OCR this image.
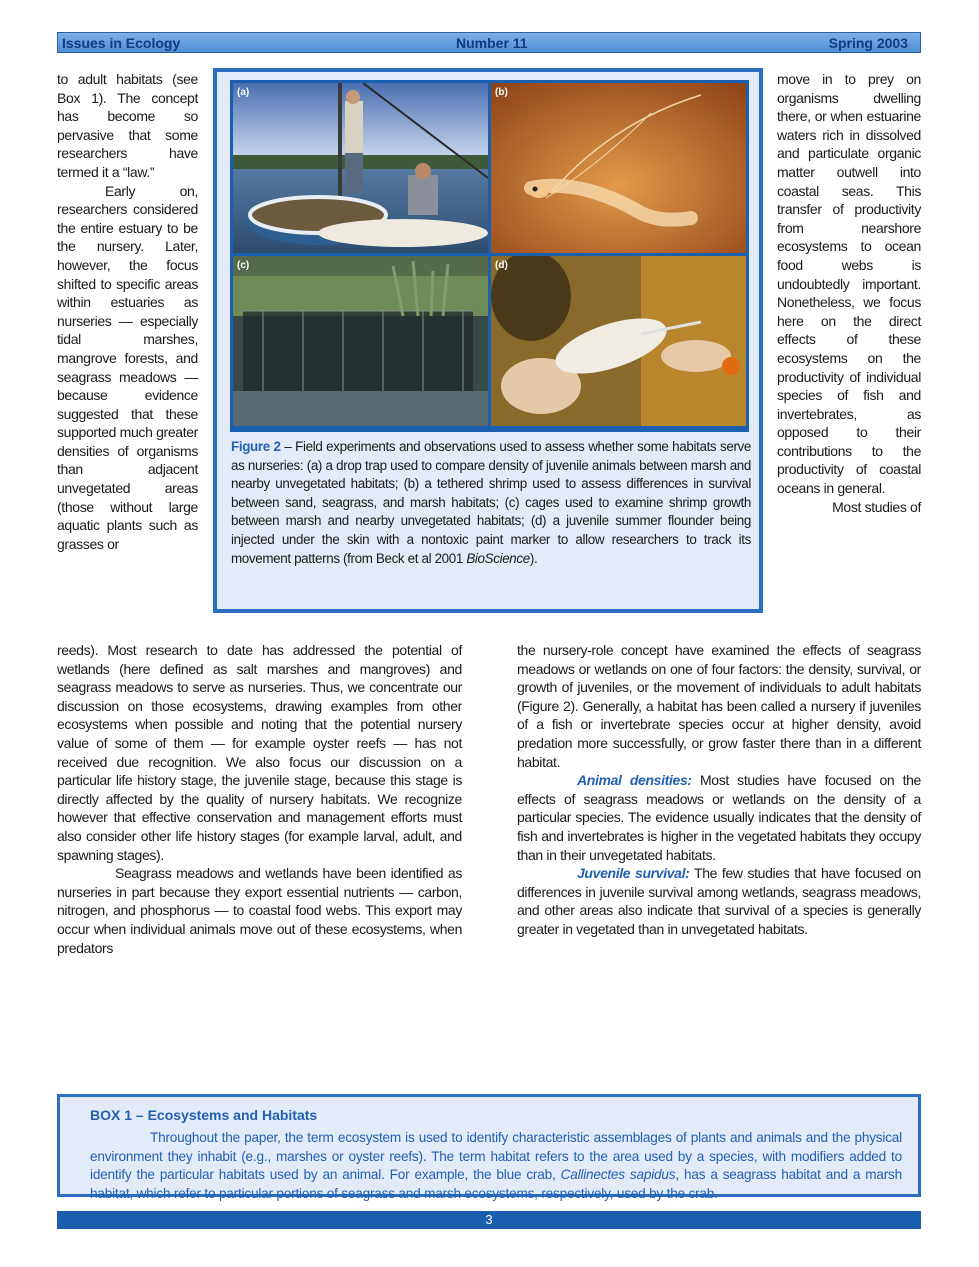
Issues in Ecology	Number 11	Spring 2003

to adult habitats (see Box 1). The concept has become so pervasive that some researchers have termed it a “law.”

Early on, researchers considered the entire estuary to be the nursery. Later, however, the focus shifted to specific areas within estuaries as nurseries — especially tidal marshes, mangrove forests, and seagrass meadows — because evidence suggested that these supported much greater densities of organisms than adjacent unvegetated areas (those without large aquatic plants such as grasses or

move in to prey on organisms dwelling there, or when estuarine waters rich in dissolved and particulate organic matter outwell into coastal seas. This transfer of productivity from nearshore ecosystems to ocean food webs is undoubtedly important. Nonetheless, we focus here on the direct effects of these ecosystems on the productivity of individual species of fish and invertebrates, as opposed to their contributions to the productivity of coastal oceans in general.

Most studies of

(a)	(b)
(c)	(d)
Figure 2 – Field experiments and observations used to assess whether some habitats serve as nurseries: (a) a drop trap used to compare density of juvenile animals between marsh and nearby unvegetated habitats; (b) a tethered shrimp used to assess differences in survival between sand, seagrass, and marsh habitats; (c) cages used to examine shrimp growth between marsh and nearby unvegetated habitats; (d) a juvenile summer flounder being injected under the skin with a nontoxic paint marker to allow researchers to track its movement patterns (from Beck et al 2001 BioScience).

reeds). Most research to date has addressed the potential of wetlands (here defined as salt marshes and mangroves) and seagrass meadows to serve as nurseries. Thus, we concentrate our discussion on those ecosystems, drawing examples from other ecosystems when possible and noting that the potential nursery value of some of them — for example oyster reefs — has not received due recognition. We also focus our discussion on a particular life history stage, the juvenile stage, because this stage is directly affected by the quality of nursery habitats. We recognize however that effective conservation and management efforts must also consider other life history stages (for example larval, adult, and spawning stages).

Seagrass meadows and wetlands have been identified as nurseries in part because they export essential nutrients — carbon, nitrogen, and phosphorus — to coastal food webs. This export may occur when individual animals move out of these ecosystems, when predators

the nursery-role concept have examined the effects of seagrass meadows or wetlands on one of four factors: the density, survival, or growth of juveniles, or the movement of individuals to adult habitats (Figure 2). Generally, a habitat has been called a nursery if juveniles of a fish or invertebrate species occur at higher density, avoid predation more successfully, or grow faster there than in a different habitat.

Animal densities: Most studies have focused on the effects of seagrass meadows or wetlands on the density of a particular species. The evidence usually indicates that the density of fish and invertebrates is higher in the vegetated habitats they occupy than in their unvegetated habitats.

Juvenile survival: The few studies that have focused on differences in juvenile survival among wetlands, seagrass meadows, and other areas also indicate that survival of a species is generally greater in vegetated than in unvegetated habitats.

BOX 1 – Ecosystems and Habitats

Throughout the paper, the term ecosystem is used to identify characteristic assemblages of plants and animals and the physical environment they inhabit (e.g., marshes or oyster reefs). The term habitat refers to the area used by a species, with modifiers added to identify the particular habitats used by an animal. For example, the blue crab, Callinectes sapidus, has a seagrass habitat and a marsh habitat, which refer to particular portions of seagrass and marsh ecosystems, respectively, used by the crab.

3
